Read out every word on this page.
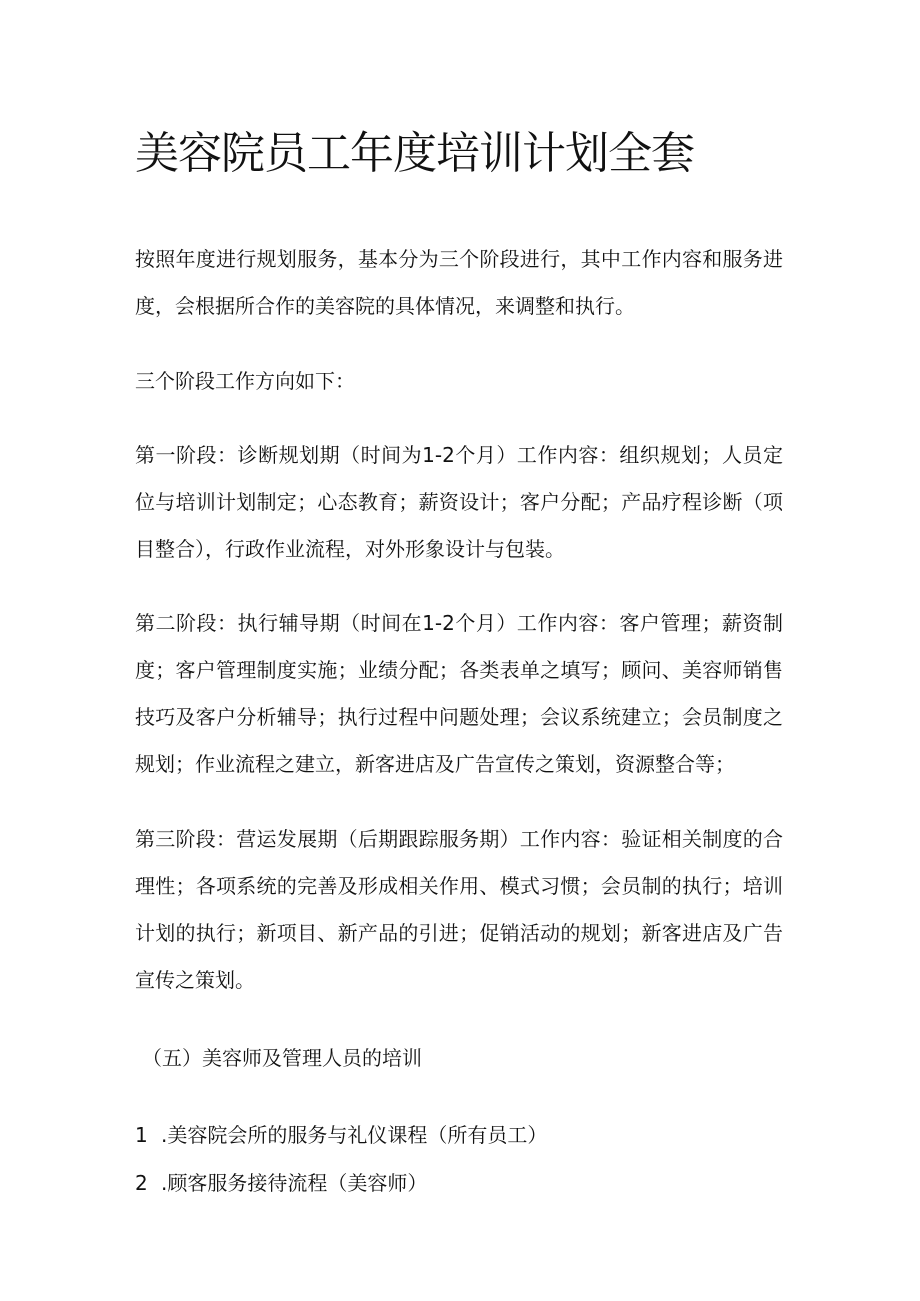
美容院员工年度培训计划全套

按照年度进行规划服务，基本分为三个阶段进行，其中工作内容和服务进度，会根据所合作的美容院的具体情况，来调整和执行。

三个阶段工作方向如下：

第一阶段：诊断规划期（时间为1-2个月）工作内容：组织规划；人员定位与培训计划制定；心态教育；薪资设计；客户分配；产品疗程诊断（项目整合），行政作业流程，对外形象设计与包装。

第二阶段：执行辅导期（时间在1-2个月）工作内容：客户管理；薪资制度；客户管理制度实施；业绩分配；各类表单之填写；顾问、美容师销售技巧及客户分析辅导；执行过程中问题处理；会议系统建立；会员制度之规划；作业流程之建立，新客进店及广告宣传之策划，资源整合等；

第三阶段：营运发展期（后期跟踪服务期）工作内容：验证相关制度的合理性；各项系统的完善及形成相关作用、模式习惯；会员制的执行；培训计划的执行；新项目、新产品的引进；促销活动的规划；新客进店及广告宣传之策划。

（五）美容师及管理人员的培训

1 .美容院会所的服务与礼仪课程（所有员工）

2 .顾客服务接待流程（美容师）
